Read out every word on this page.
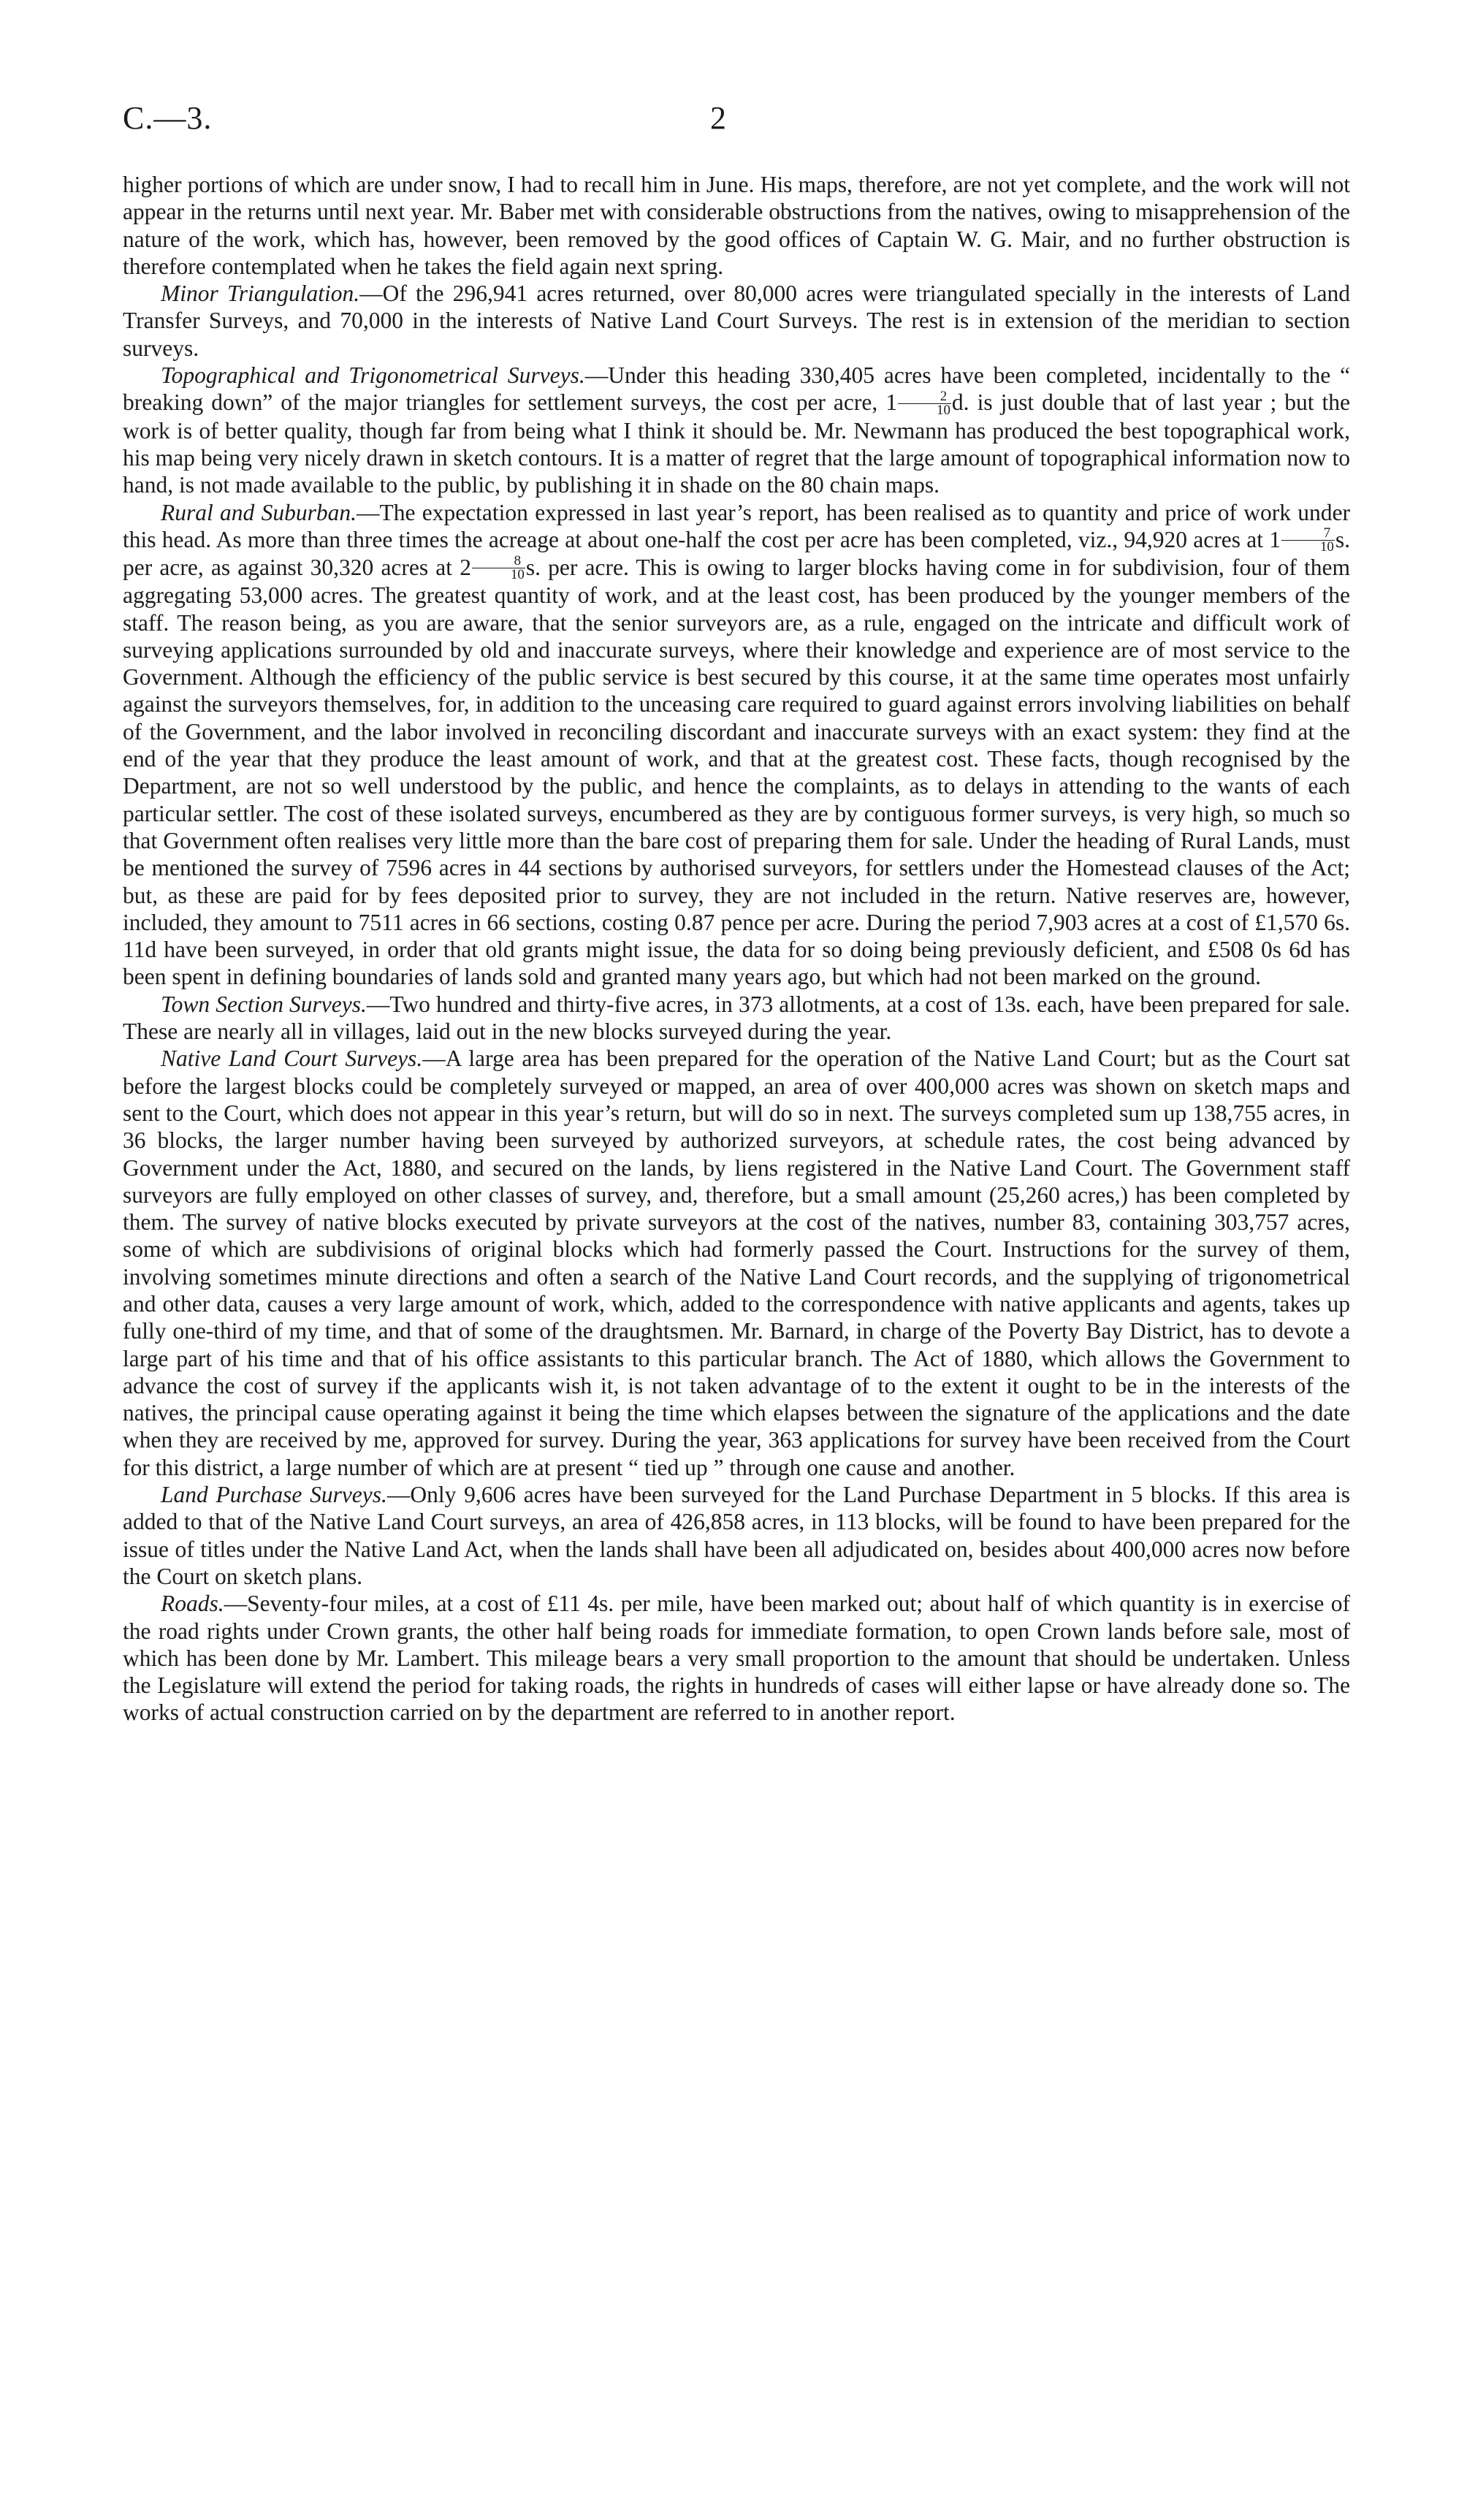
C.—3.	2

higher portions of which are under snow, I had to recall him in June. His maps, therefore, are not yet complete, and the work will not appear in the returns until next year. Mr. Baber met with considerable obstructions from the natives, owing to misapprehension of the nature of the work, which has, however, been removed by the good offices of Captain W. G. Mair, and no further obstruction is therefore contemplated when he takes the field again next spring.

Minor Triangulation.—Of the 296,941 acres returned, over 80,000 acres were triangulated specially in the interests of Land Transfer Surveys, and 70,000 in the interests of Native Land Court Surveys. The rest is in extension of the meridian to section surveys.

Topographical and Trigonometrical Surveys.—Under this heading 330,405 acres have been completed, incidentally to the “ breaking down” of the major triangles for settlement surveys, the cost per acre, $1 \frac{2}{10} d$. is just double that of last year ; but the work is of better quality, though far from being what I think it should be. Mr. Newmann has produced the best topographical work, his map being very nicely drawn in sketch contours. It is a matter of regret that the large amount of topographical information now to hand, is not made available to the public, by publishing it in shade on the 80 chain maps.

Rural and Suburban.—The expectation expressed in last year’s report, has been realised as to quantity and price of work under this head. As more than three times the acreage at about one-half the cost per acre has been completed, viz., 94,920 acres at $1 \frac{7}{10} s$. per acre, as against 30,320 acres at $2 \frac{8}{10} s$. per acre. This is owing to larger blocks having come in for subdivision, four of them aggregating 53,000 acres. The greatest quantity of work, and at the least cost, has been produced by the younger members of the staff. The reason being, as you are aware, that the senior surveyors are, as a rule, engaged on the intricate and difficult work of surveying applications surrounded by old and inaccurate surveys, where their knowledge and experience are of most service to the Government. Although the efficiency of the public service is best secured by this course, it at the same time operates most unfairly against the surveyors themselves, for, in addition to the unceasing care required to guard against errors involving liabilities on behalf of the Government, and the labor involved in reconciling discordant and inaccurate surveys with an exact system: they find at the end of the year that they produce the least amount of work, and that at the greatest cost. These facts, though recognised by the Department, are not so well understood by the public, and hence the complaints, as to delays in attending to the wants of each particular settler. The cost of these isolated surveys, encumbered as they are by contiguous former surveys, is very high, so much so that Government often realises very little more than the bare cost of preparing them for sale. Under the heading of Rural Lands, must be mentioned the survey of 7596 acres in 44 sections by authorised surveyors, for settlers under the Homestead clauses of the Act; but, as these are paid for by fees deposited prior to survey, they are not included in the return. Native reserves are, however, included, they amount to 7511 acres in 66 sections, costing 0.87 pence per acre. During the period 7,903 acres at a cost of £1,570 6s. 11d have been surveyed, in order that old grants might issue, the data for so doing being previously deficient, and £508 0s 6d has been spent in defining boundaries of lands sold and granted many years ago, but which had not been marked on the ground.

Town Section Surveys.—Two hundred and thirty-five acres, in 373 allotments, at a cost of 13s. each, have been prepared for sale. These are nearly all in villages, laid out in the new blocks surveyed during the year.

Native Land Court Surveys.—A large area has been prepared for the operation of the Native Land Court; but as the Court sat before the largest blocks could be completely surveyed or mapped, an area of over 400,000 acres was shown on sketch maps and sent to the Court, which does not appear in this year’s return, but will do so in next. The surveys completed sum up 138,755 acres, in 36 blocks, the larger number having been surveyed by authorized surveyors, at schedule rates, the cost being advanced by Government under the Act, 1880, and secured on the lands, by liens registered in the Native Land Court. The Government staff surveyors are fully employed on other classes of survey, and, therefore, but a small amount (25,260 acres,) has been completed by them. The survey of native blocks executed by private surveyors at the cost of the natives, number 83, containing 303,757 acres, some of which are subdivisions of original blocks which had formerly passed the Court. Instructions for the survey of them, involving sometimes minute directions and often a search of the Native Land Court records, and the supplying of trigonometrical and other data, causes a very large amount of work, which, added to the correspondence with native applicants and agents, takes up fully one-third of my time, and that of some of the draughtsmen. Mr. Barnard, in charge of the Poverty Bay District, has to devote a large part of his time and that of his office assistants to this particular branch. The Act of 1880, which allows the Government to advance the cost of survey if the applicants wish it, is not taken advantage of to the extent it ought to be in the interests of the natives, the principal cause operating against it being the time which elapses between the signature of the applications and the date when they are received by me, approved for survey. During the year, 363 applications for survey have been received from the Court for this district, a large number of which are at present “ tied up ” through one cause and another.

Land Purchase Surveys.—Only 9,606 acres have been surveyed for the Land Purchase Department in 5 blocks. If this area is added to that of the Native Land Court surveys, an area of 426,858 acres, in 113 blocks, will be found to have been prepared for the issue of titles under the Native Land Act, when the lands shall have been all adjudicated on, besides about 400,000 acres now before the Court on sketch plans.

Roads.—Seventy-four miles, at a cost of £11 4s. per mile, have been marked out; about half of which quantity is in exercise of the road rights under Crown grants, the other half being roads for immediate formation, to open Crown lands before sale, most of which has been done by Mr. Lambert. This mileage bears a very small proportion to the amount that should be undertaken. Unless the Legislature will extend the period for taking roads, the rights in hundreds of cases will either lapse or have already done so. The works of actual construction carried on by the department are referred to in another report.
